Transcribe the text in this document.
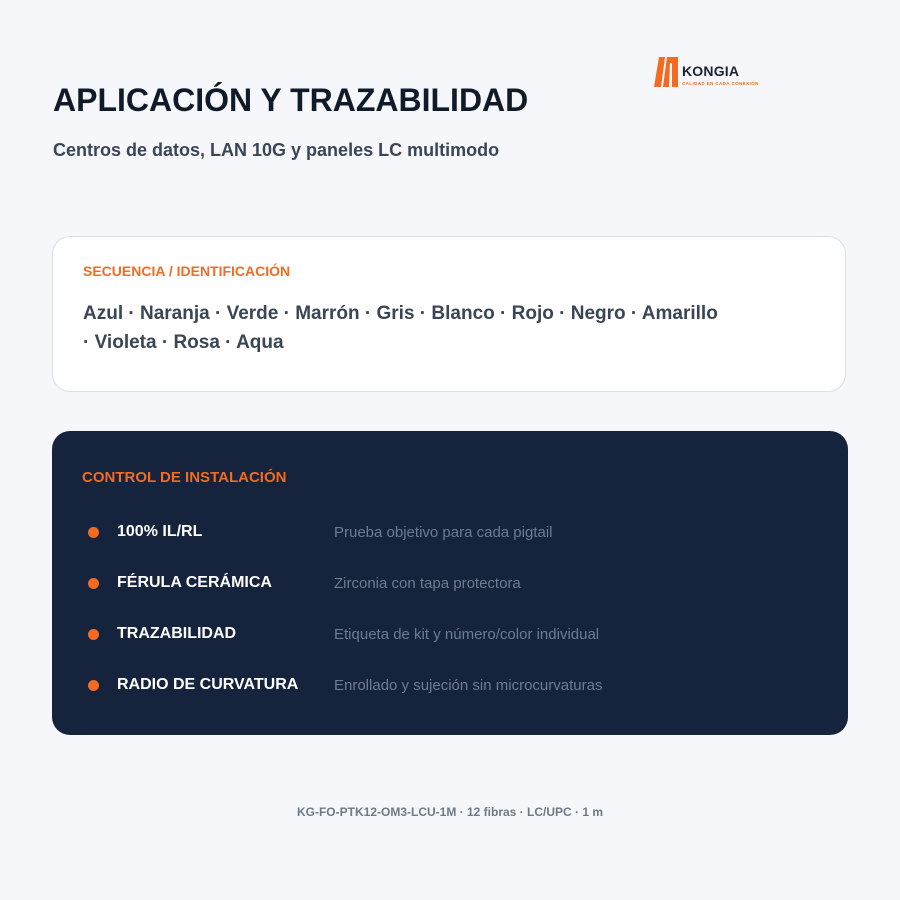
KONGIA
CALIDAD EN CADA CONEXIÓN
APLICACIÓN Y TRAZABILIDAD
Centros de datos, LAN 10G y paneles LC multimodo
SECUENCIA / IDENTIFICACIÓN
Azul · Naranja · Verde · Marrón · Gris · Blanco · Rojo · Negro · Amarillo · Violeta · Rosa · Aqua
CONTROL DE INSTALACIÓN
100% IL/RL	Prueba objetivo para cada pigtail
FÉRULA CERÁMICA	Zirconia con tapa protectora
TRAZABILIDAD	Etiqueta de kit y número/color individual
RADIO DE CURVATURA Enrollado y sujeción sin microcurvaturas
KG-FO-PTK12-OM3-LCU-1M · 12 fibras · LC/UPC · 1 m
